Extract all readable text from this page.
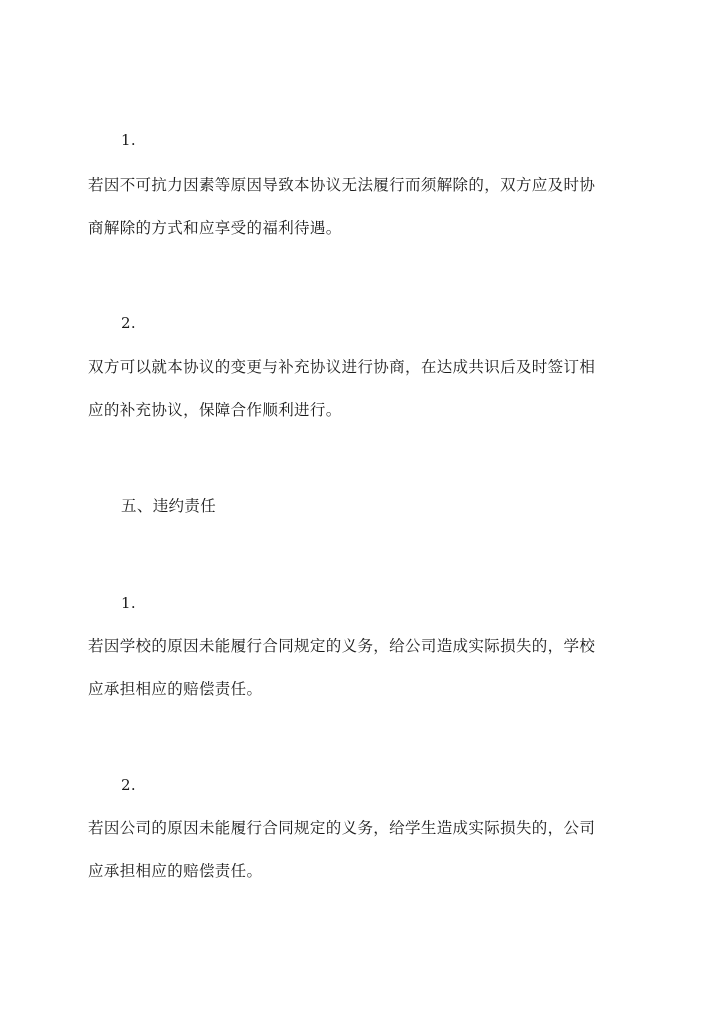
1.
若因不可抗力因素等原因导致本协议无法履行而须解除的，双方应及时协
商解除的方式和应享受的福利待遇。
2.
双方可以就本协议的变更与补充协议进行协商，在达成共识后及时签订相
应的补充协议，保障合作顺利进行。
五、违约责任
1.
若因学校的原因未能履行合同规定的义务，给公司造成实际损失的，学校
应承担相应的赔偿责任。
2.
若因公司的原因未能履行合同规定的义务，给学生造成实际损失的，公司
应承担相应的赔偿责任。
